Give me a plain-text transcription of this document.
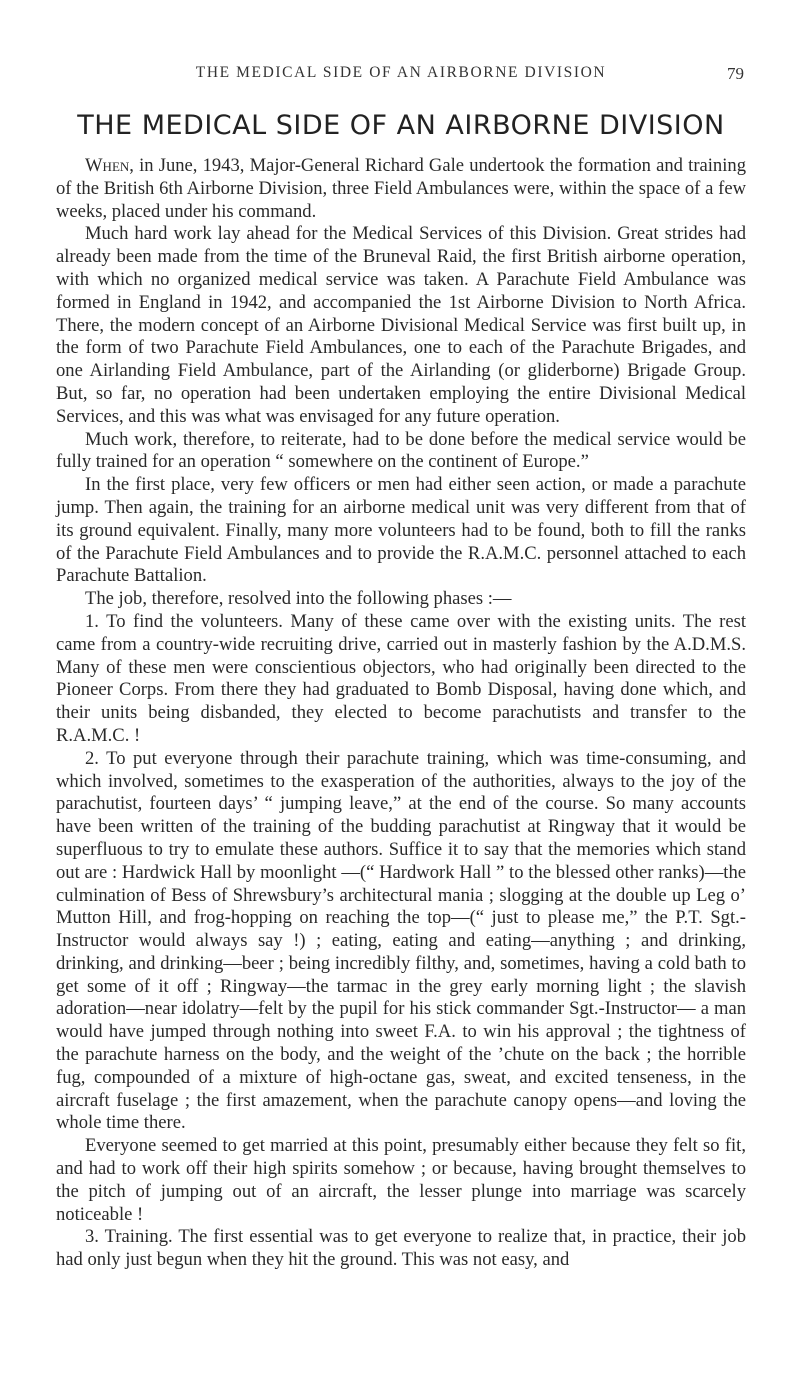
THE MEDICAL SIDE OF AN AIRBORNE DIVISION	79
THE MEDICAL SIDE OF AN AIRBORNE DIVISION

When, in June, 1943, Major-General Richard Gale undertook the formation and training of the British 6th Airborne Division, three Field Ambulances were, within the space of a few weeks, placed under his command.

Much hard work lay ahead for the Medical Services of this Division. Great strides had already been made from the time of the Bruneval Raid, the first British airborne operation, with which no organized medical service was taken. A Parachute Field Ambulance was formed in England in 1942, and accompanied the 1st Airborne Division to North Africa. There, the modern concept of an Airborne Divisional Medical Service was first built up, in the form of two Parachute Field Ambulances, one to each of the Parachute Brigades, and one Airlanding Field Ambulance, part of the Airlanding (or gliderborne) Brigade Group. But, so far, no operation had been undertaken employing the entire Divisional Medical Services, and this was what was envisaged for any future operation.

Much work, therefore, to reiterate, had to be done before the medical service would be fully trained for an operation “ somewhere on the continent of Europe.”

In the first place, very few officers or men had either seen action, or made a parachute jump. Then again, the training for an airborne medical unit was very different from that of its ground equivalent. Finally, many more volunteers had to be found, both to fill the ranks of the Parachute Field Ambulances and to provide the R.A.M.C. personnel attached to each Parachute Battalion.

The job, therefore, resolved into the following phases :—

1. To find the volunteers. Many of these came over with the existing units. The rest came from a country-wide recruiting drive, carried out in masterly fashion by the A.D.M.S. Many of these men were conscientious objectors, who had originally been directed to the Pioneer Corps. From there they had graduated to Bomb Disposal, having done which, and their units being disbanded, they elected to become parachutists and transfer to the R.A.M.C. !

2. To put everyone through their parachute training, which was time-consuming, and which involved, sometimes to the exasperation of the authorities, always to the joy of the parachutist, fourteen days’ “ jumping leave,” at the end of the course. So many accounts have been written of the training of the budding parachutist at Ringway that it would be superfluous to try to emulate these authors. Suffice it to say that the memories which stand out are : Hardwick Hall by moonlight —(“ Hardwork Hall ” to the blessed other ranks)—the culmination of Bess of Shrewsbury’s architectural mania ; slogging at the double up Leg o’ Mutton Hill, and frog-hopping on reaching the top—(“ just to please me,” the P.T. Sgt.-Instructor would always say !) ; eating, eating and eating—anything ; and drinking, drinking, and drinking—beer ; being incredibly filthy, and, sometimes, having a cold bath to get some of it off ; Ringway—the tarmac in the grey early morning light ; the slavish adoration—near idolatry—felt by the pupil for his stick commander Sgt.-Instructor— a man would have jumped through nothing into sweet F.A. to win his approval ; the tightness of the parachute harness on the body, and the weight of the ’chute on the back ; the horrible fug, compounded of a mixture of high-octane gas, sweat, and excited tenseness, in the aircraft fuselage ; the first amazement, when the parachute canopy opens—and loving the whole time there.

Everyone seemed to get married at this point, presumably either because they felt so fit, and had to work off their high spirits somehow ; or because, having brought themselves to the pitch of jumping out of an aircraft, the lesser plunge into marriage was scarcely noticeable !

3. Training. The first essential was to get everyone to realize that, in practice, their job had only just begun when they hit the ground. This was not easy, and
